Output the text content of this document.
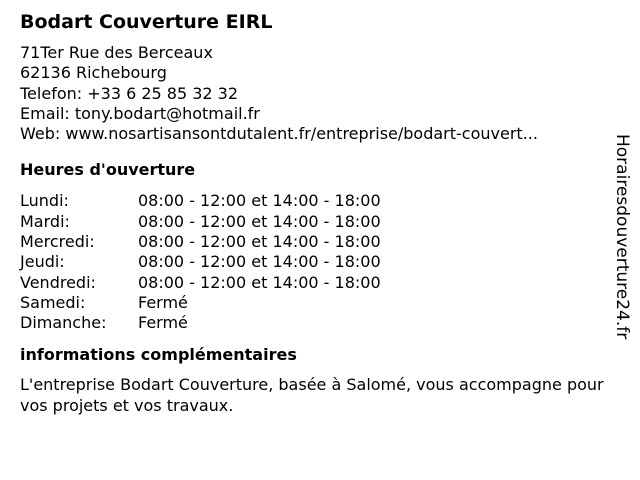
Bodart Couverture EIRL
71Ter Rue des Berceaux
62136 Richebourg
Telefon: +33 6 25 85 32 32
Email: tony.bodart@hotmail.fr
Web: www.nosartisansontdutalent.fr/entreprise/bodart-couvert...
Heures d'ouverture
Lundi:	08:00 - 12:00 et 14:00 - 18:00
Mardi:	08:00 - 12:00 et 14:00 - 18:00
Mercredi:	08:00 - 12:00 et 14:00 - 18:00
Jeudi:	08:00 - 12:00 et 14:00 - 18:00
Vendredi:	08:00 - 12:00 et 14:00 - 18:00
Samedi:	Fermé
Dimanche:	Fermé
informations complémentaires
L'entreprise Bodart Couverture, basée à Salomé, vous accompagne pour vos projets et vos travaux.
Horairesdouverture24.fr
